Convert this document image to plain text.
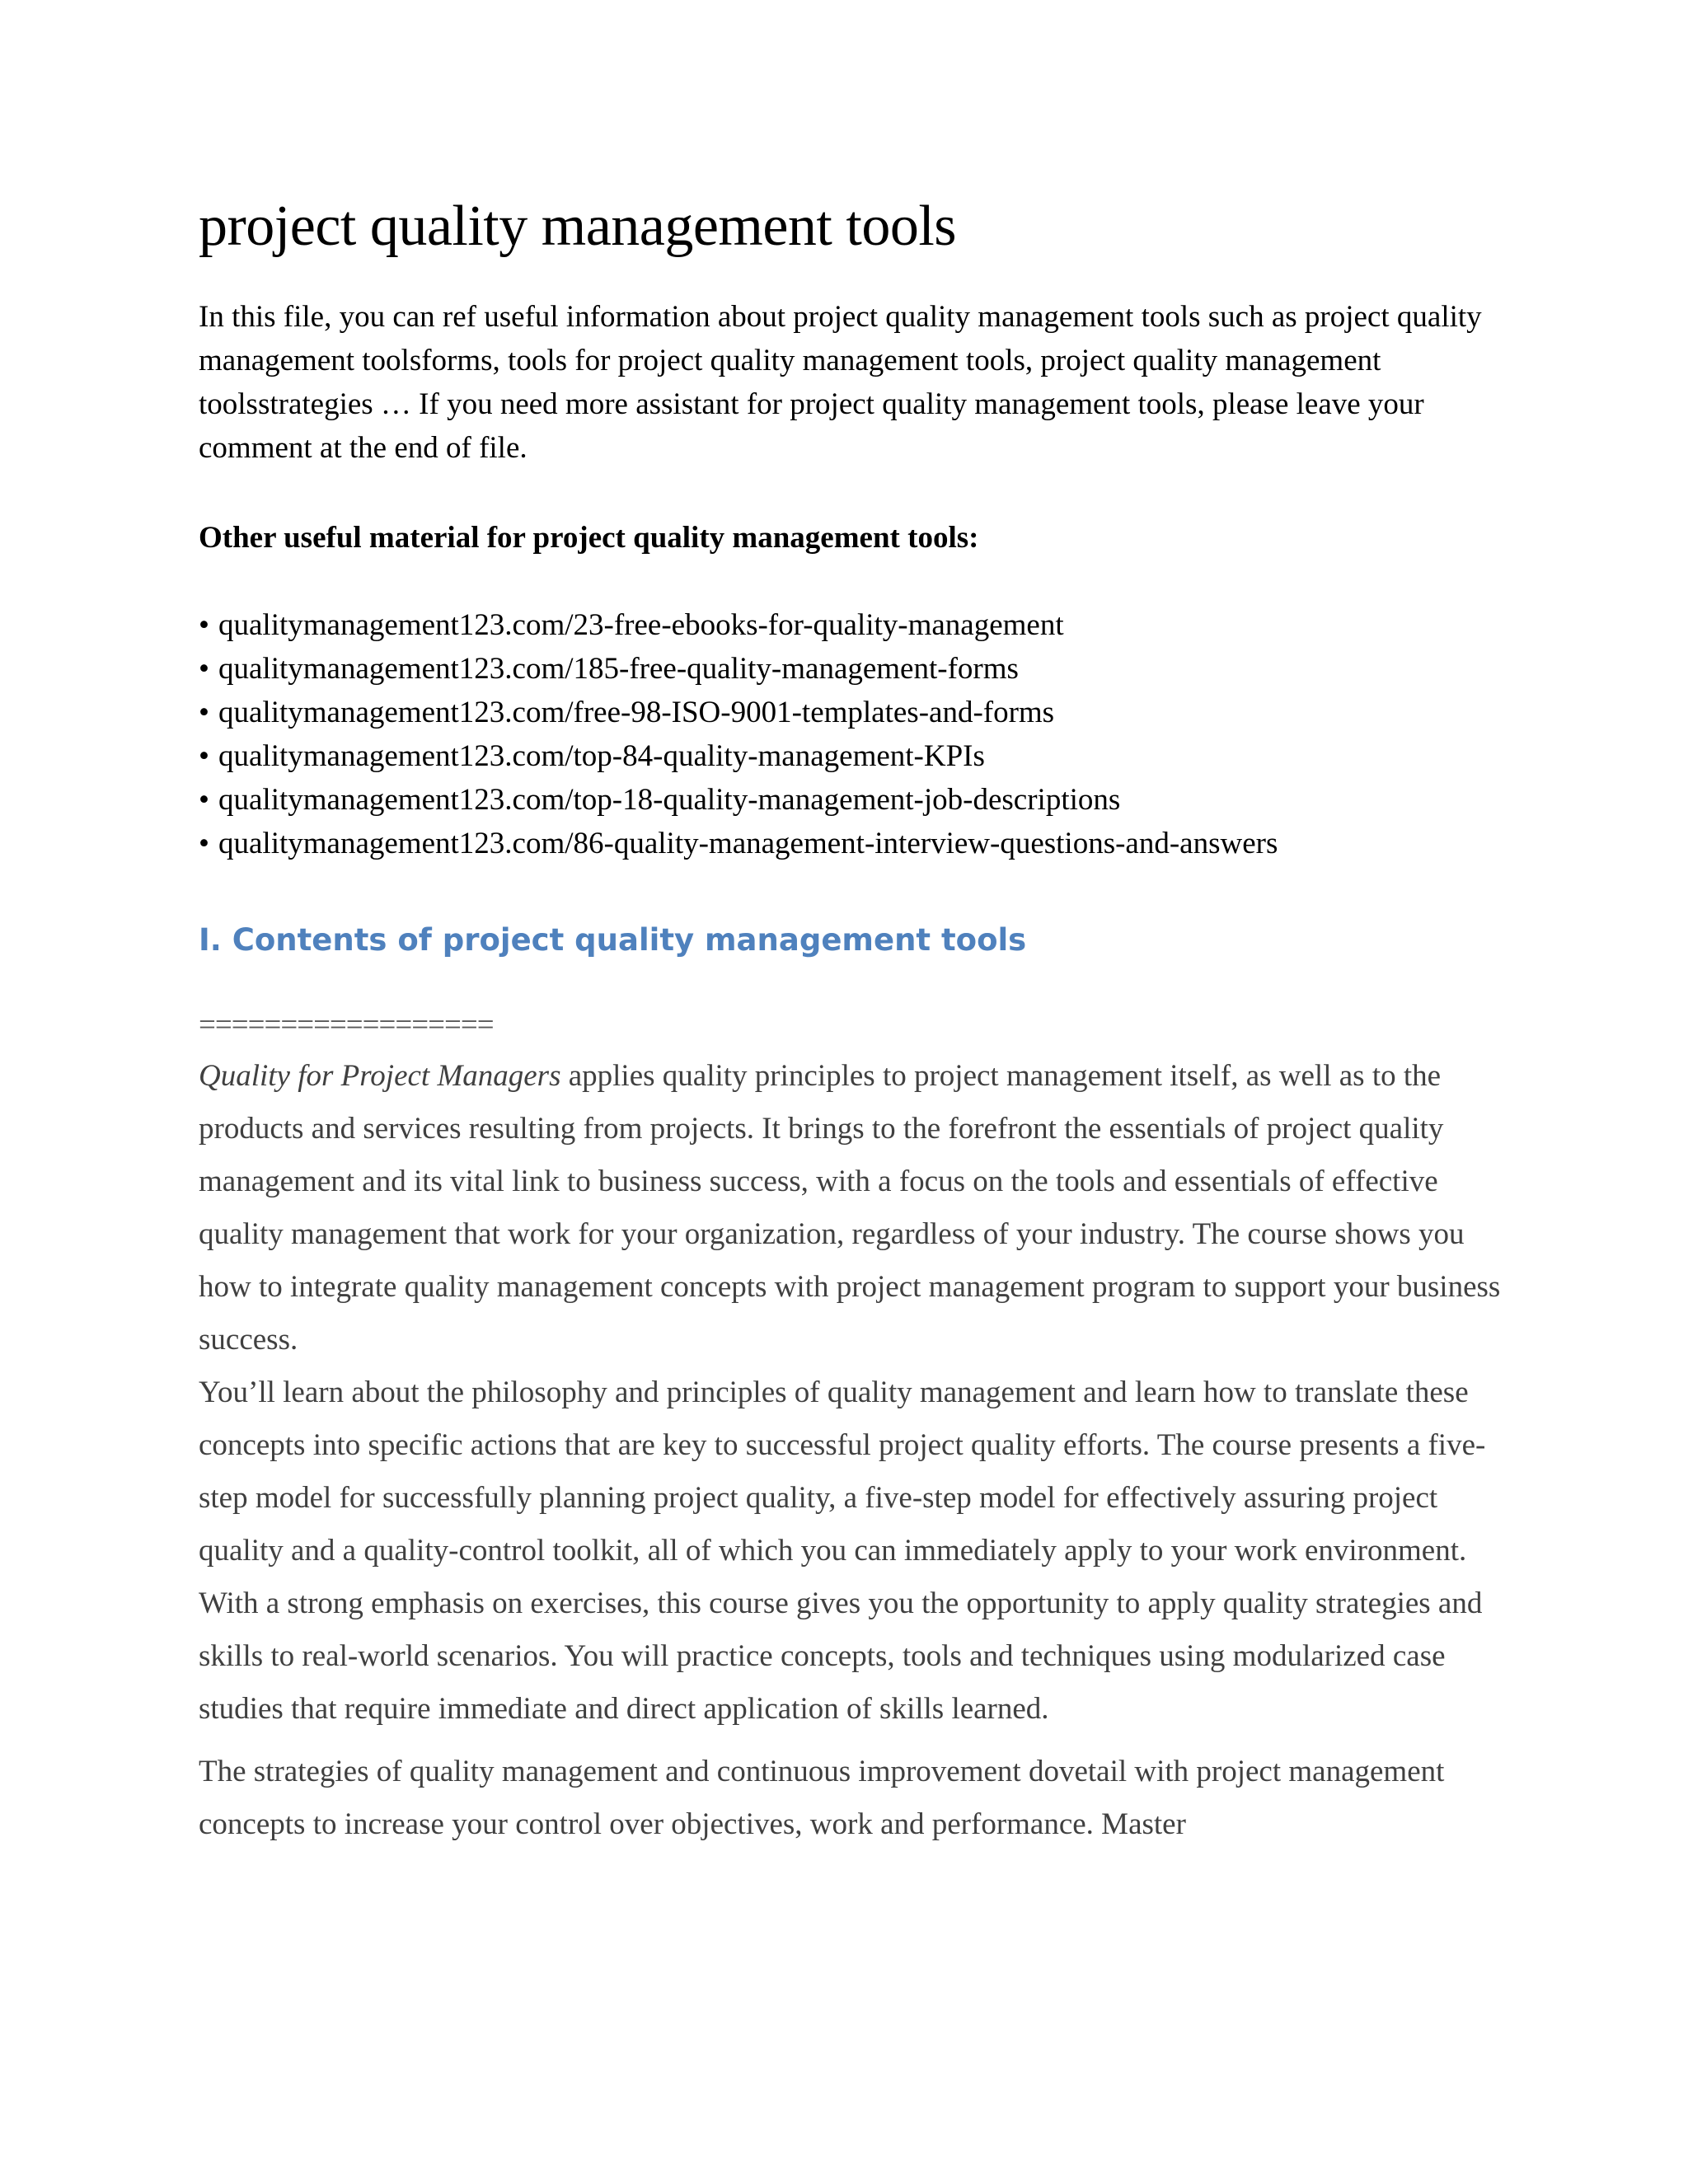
project quality management tools

In this file, you can ref useful information about project quality management tools such as project quality management toolsforms, tools for project quality management tools, project quality management toolsstrategies … If you need more assistant for project quality management tools, please leave your comment at the end of file.

Other useful material for project quality management tools:

• qualitymanagement123.com/23-free-ebooks-for-quality-management
• qualitymanagement123.com/185-free-quality-management-forms
• qualitymanagement123.com/free-98-ISO-9001-templates-and-forms
• qualitymanagement123.com/top-84-quality-management-KPIs
• qualitymanagement123.com/top-18-quality-management-job-descriptions
• qualitymanagement123.com/86-quality-management-interview-questions-and-answers
I. Contents of project quality management tools

==================

Quality for Project Managers applies quality principles to project management itself, as well as to the products and services resulting from projects. It brings to the forefront the essentials of project quality management and its vital link to business success, with a focus on the tools and essentials of effective quality management that work for your organization, regardless of your industry. The course shows you how to integrate quality management concepts with project management program to support your business success.

You’ll learn about the philosophy and principles of quality management and learn how to translate these concepts into specific actions that are key to successful project quality efforts. The course presents a five-step model for successfully planning project quality, a five-step model for effectively assuring project quality and a quality-control toolkit, all of which you can immediately apply to your work environment. With a strong emphasis on exercises, this course gives you the opportunity to apply quality strategies and skills to real-world scenarios. You will practice concepts, tools and techniques using modularized case studies that require immediate and direct application of skills learned.

The strategies of quality management and continuous improvement dovetail with project management concepts to increase your control over objectives, work and performance. Master
